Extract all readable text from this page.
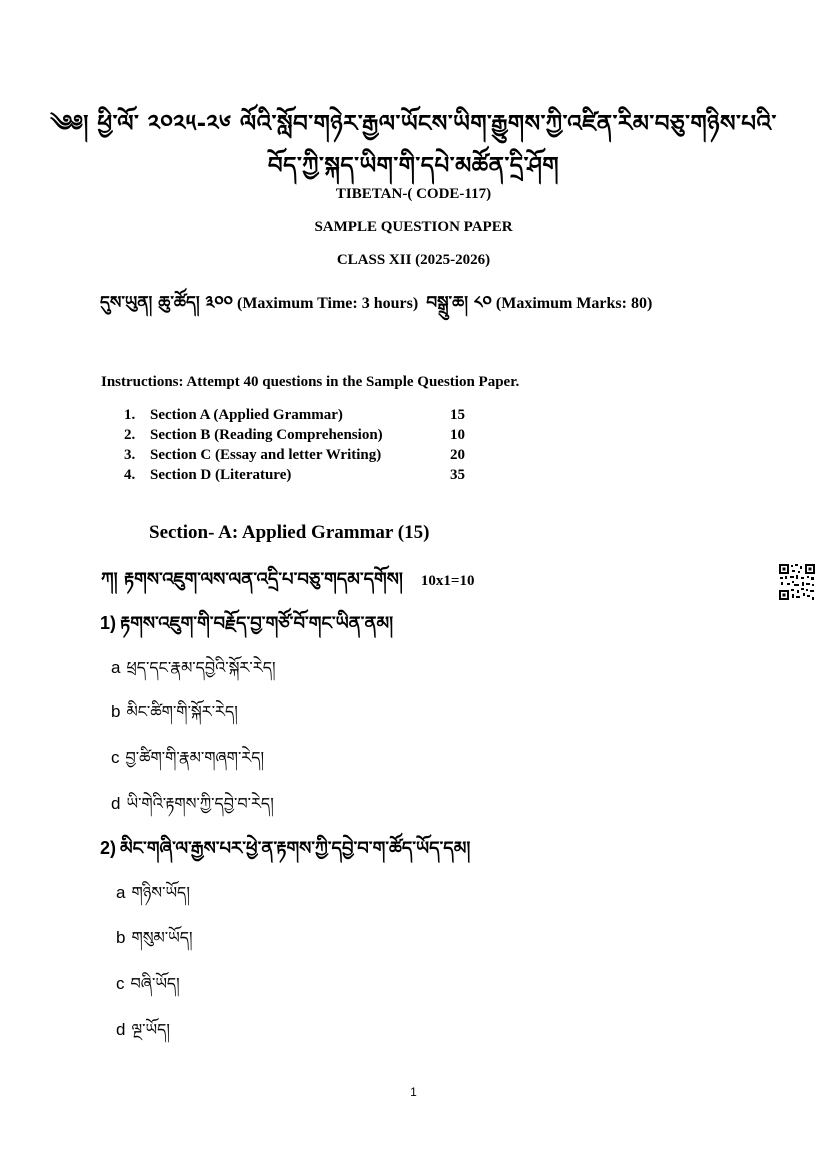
༄༅། ཕྱི་ལོ་ ༢༠༢༥-༢༦ ལོའི་སློབ་གཉེར་རྒྱལ་ཡོངས་ཡིག་རྒྱུགས་ཀྱི་འཛིན་རིམ་བཅུ་གཉིས་པའི་
བོད་ཀྱི་སྐད་ཡིག་གི་དཔེ་མཚོན་དྲི་ཤོག
TIBETAN-( CODE-117)
SAMPLE QUESTION PAPER
CLASS XII (2025-2026)
དུས་ཡུན། ཆུ་ཚོད། ༣༠༠ (Maximum Time: 3 hours) བསྒྲུ་ཆ། ༨༠ (Maximum Marks: 80)
Instructions: Attempt 40 questions in the Sample Question Paper.
1. Section A (Applied Grammar)	15
2. Section B (Reading Comprehension)	10
3. Section C (Essay and letter Writing)	20
4. Section D (Literature)	35
Section- A: Applied Grammar (15)
ཀ། རྟགས་འཇུག་ལས་ལན་འདྲི་པ་བཅུ་གདམ་དགོས། 10x1=10
1) རྟགས་འཇུག་གི་བརྗོད་བྱ་གཙོ་བོ་གང་ཡིན་ནམ།
a ཕྲད་དང་རྣམ་དབྱེའི་སྐོར་རེད།
b མིང་ཚིག་གི་སྐོར་རེད།
c བྱ་ཚིག་གི་རྣམ་གཞག་རེད།
d ཡི་གེའི་རྟགས་ཀྱི་དབྱེ་བ་རེད།
2) མིང་གཞི་ལ་རྒྱས་པར་ཕྱེ་ན་རྟགས་ཀྱི་དབྱེ་བ་ག་ཚོད་ཡོད་དམ།
a གཉིས་ཡོད།
b གསུམ་ཡོད།
c བཞི་ཡོད།
d ལྔ་ཡོད།
1
